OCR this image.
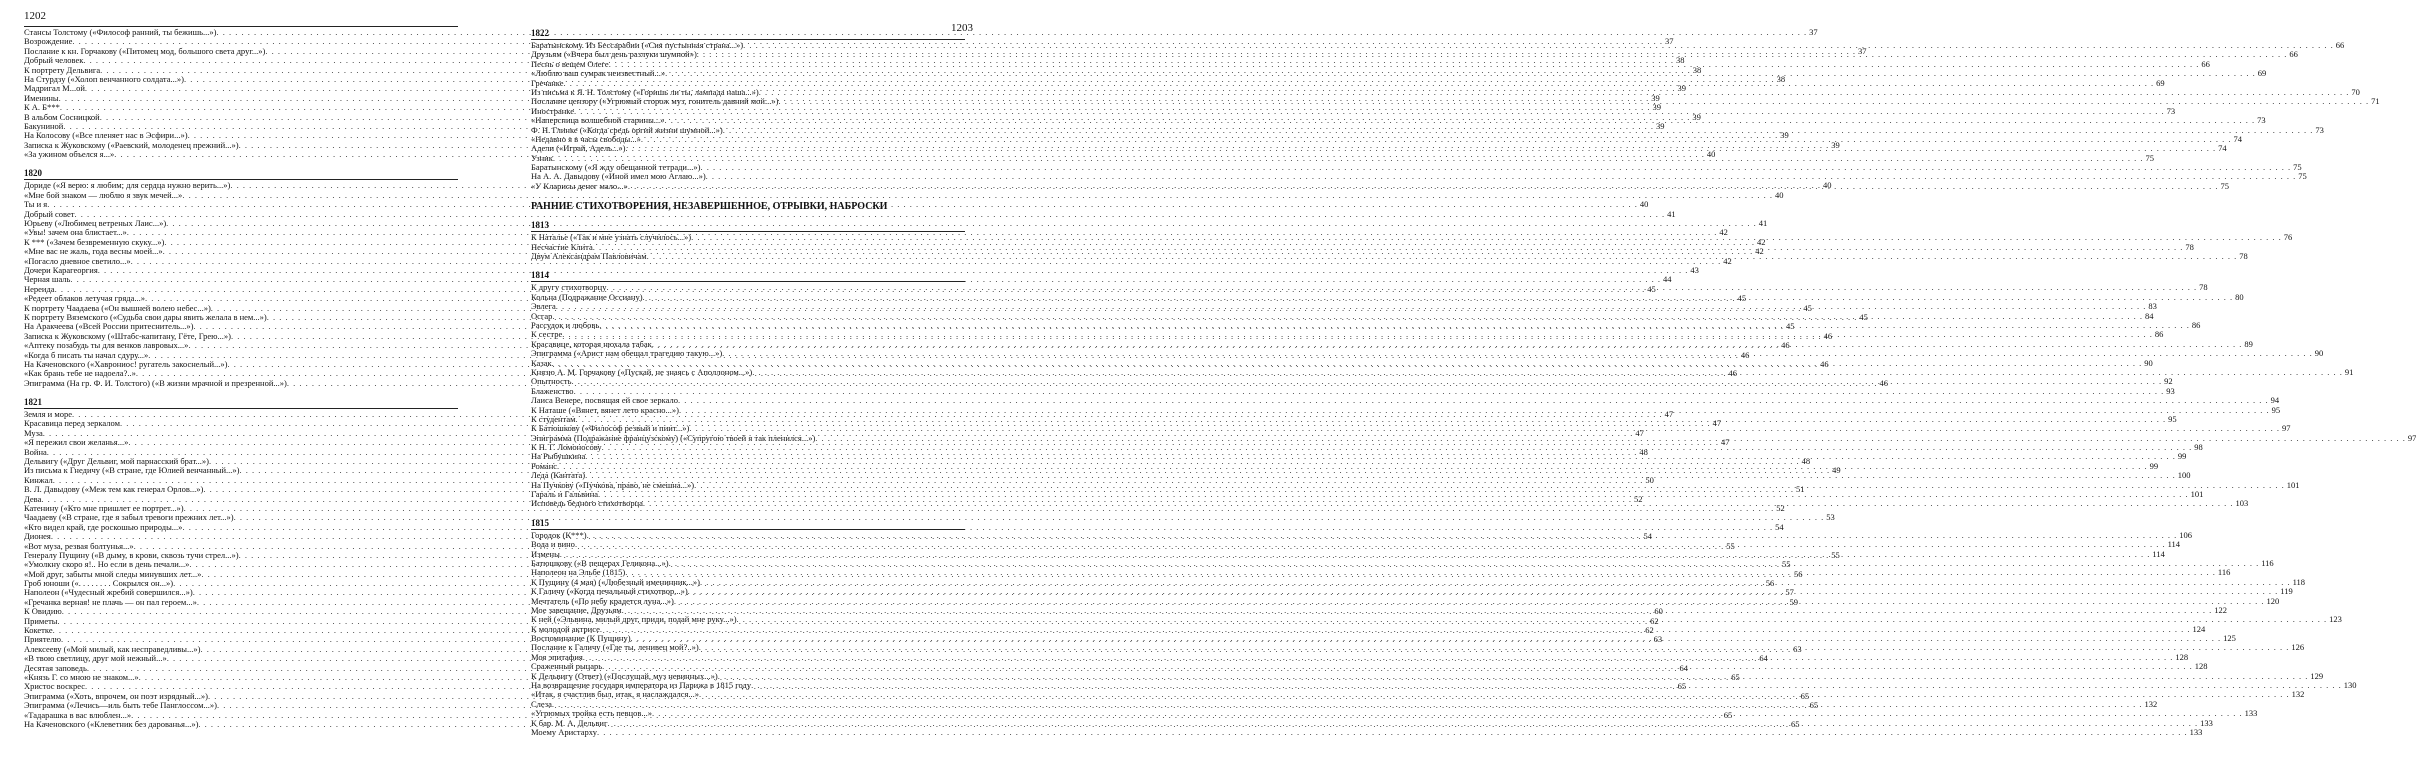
1202
1203
Стансы Толстому («Философ ранний, ты бежишь...») . . .	37
Возрождение . . .	37
Послание к кн. Горчакову («Питомец мод, большого света друг...») . . .	37
Добрый человек . . .	38
К портрету Дельвига . . .	38
На Стурдзу («Холоп венчанного солдата...») . . .	38
Мадригал М...ой . . .	39
Именины . . .	39
К А. Б*** . . .	39
В альбом Сосницкой . . .	39
Бакуниной . . .	39
На Колосову («Все пленяет нас в Эсфири...») . . .	39
Записка к Жуковскому («Раевский, молоденец прежний...») . . .	39
«За ужином объелся я...» . . .	40
1820
Дориде («Я верю: я любим; для сердца нужно верить...») . . .	40
«Мне бой знаком — люблю я звук мечей...» . . .	40
Ты и я . . .	40
Добрый совет . . .	41
Юрьеву («Любимец ветреных Лаис...») . . .	41
«Увы! зачем она блистает...» . . .	42
К *** («Зачем безвременную скуку...») . . .	42
«Мне вас не жаль, года весны моей...» . . .	42
«Погасло дневное светило...» . . .	42
Дочери Карагеоргия . . .	43
Черная шаль . . .	44
Нереида . . .	45
«Редеет облаков летучая гряда...» . . .	45
К портрету Чаадаева («Он вышней волею небес...») . . .	45
К портрету Вяземского («Судьба свои дары явить желала в нем...») . . .	45
На Аракчеева («Всей России притеснитель...») . . .	45
Записка к Жуковскому («Штабс-капитану, Гёте, Грею...») . . .	46
«Аптеку позабудь ты для венков лавровых...» . . .	46
«Когда б писать ты начал сдуру...» . . .	46
На Каченовского («Хаврониос! ругатель закоснелый...») . . .	46
«Как брань тебе не надоела?..» . . .	46
Эпиграмма (На гр. Ф. И. Толстого) («В жизни мрачной и презренной...») . . .	46
1821
Земля и море . . .	47
Красавица перед зеркалом . . .	47
Муза . . .	47
«Я пережил свои желанья...» . . .	47
Война . . .	48
Дельвигу («Друг Дельвиг, мой парнасский брат...») . . .	48
Из письма к Гнедичу («В стране, где Юлией венчанный...») . . .	49
Кинжал . . .	50
В. Л. Давыдову («Меж тем как генерал Орлов...») . . .	51
Дева . . .	52
Катенину («Кто мне пришлет ее портрет...») . . .	52
Чаадаеву («В стране, где я забыл тревоги прежних лет...») . . .	53
«Кто видел край, где роскошью природы...» . . .	54
Дионея . . .	54
«Вот муза, резвая болтунья...» . . .	55
Генералу Пущину («В дыму, в крови, сквозь тучи стрел...») . . .	55
«Умолкну скоро я!.. Но если в день печали...» . . .	55
«Мой друг, забыты мной следы минувших лет...» . . .	56
Гроб юноши («. . . . . . . . Сокрылся он...») . . .	56
Наполеон («Чудесный жребий совершился...») . . .	57
«Гречанка верная! не плачь — он пал героем...» . . .	59
К Овидию . . .	60
Приметы . . .	62
Кокетке . . .	62
Приятелю . . .	63
Алексееву («Мой милый, как несправедливы...») . . .	63
«В твою светлицу, друг мой нежный...» . . .	64
Десятая заповедь . . .	64
«Князь Г. со мною не знаком...» . . .	65
Христос воскрес . . .	65
Эпиграмма («Хоть, впрочем, он поэт изрядный...») . . .	65
Эпиграмма («Лечись—иль быть тебе Панглоссом...») . . .	65
«Тадарашка в вас влюблен...» . . .	65
На Каченовского («Клеветник без дарованья...») . . .	65
1822
Баратынскому. Из Бессарабии («Сия пустынная страна...») . . .	66
Друзьям («Вчера был день разлуки шумной») . . .	66
Песнь о вещем Олеге . . .	66
«Люблю ваш сумрак неизвестный...» . . .	69
Гречанке . . .	69
Из письма к Я. Н. Толстому («Горишь ли ты, лампада наша...») . . .	70
Послание цензору («Угрюмый сторож муз, гонитель давний мой...») . . .	71
Иностранке . . .	73
«Наперсница волшебной старины...» . . .	73
Ф. Н. Глинке («Когда средь оргий жизни шумной...») . . .	73
«Недавно я в часы свободы...» . . .	74
Адели («Играй, Адель...») . . .	74
Узник . . .	75
Баратынскому («Я жду обещанной тетради...») . . .	75
На А. А. Давыдову («Иной имел мою Аглаю...») . . .	75
«У Кларисы денег мало...» . . .	75
РАННИЕ СТИХОТВОРЕНИЯ, НЕЗАВЕРШЕННОЕ, ОТРЫВКИ, НАБРОСКИ
1813
К Наталье («Так и мне узнать случилось...») . . .	76
Несчастие Клита . . .	78
Двум Александрам Павловичам . . .	78
1814
К другу стихотворцу . . .	78
Кольна (Подражание Оссиану) . . .	80
Эвлега . . .	83
Осгар . . .	84
Рассудок и любовь . . .	86
К сестре . . .	86
Красавице, которая нюхала табак . . .	89
Эпиграмма («Арист нам обещал трагедию такую...») . . .	90
Казак . . .	90
Князю А. М. Горчакову («Пускай, не знаясь с Аполлоном...») . . .	91
Опытность . . .	92
Блаженство . . .	93
Лаиса Венере, посвящая ей свое зеркало . . .	94
К Наташе («Вянет, вянет лето красно...») . . .	95
К студентам . . .	95
К Батюшкову («Философ резвый и пиит...») . . .	97
Эпиграмма (Подражание французскому) («Супругою твоей я так пленился...») . . .	97
К Н. Г. Ломоносову . . .	98
На Рыбушкина . . .	99
Романс . . .	99
Леда (Кантата) . . .	100
На Пучкову («Пучкова, право, не смешна...») . . .	101
Гараль и Гальвина . . .	101
Исповедь бедного стихотворца . . .	103
1815
Городок (К***) . . .	106
Вода и вино . . .	114
Измены . . .	114
Батюшкову («В пещерах Геликона...») . . .	116
Наполеон на Эльбе (1815) . . .	116
К Пущину (4 мая) («Любезный именинник...») . . .	118
К Галичу («Когда печальный стихотвор...») . . .	119
Мечтатель («По небу крадется луна...») . . .	120
Мое завещание. Друзьям . . .	122
К ней («Эльвина, милый друг, приди, подай мне руку...») . . .	123
К молодой актрисе . . .	124
Воспоминание (К Пущину) . . .	125
Послание к Галичу («Где ты, ленивец мой?..») . . .	126
Моя эпитафия . . .	128
Сраженный рыцарь . . .	128
К Дельвигу (Ответ) («Послушай, муз невинных...») . . .	129
На возвращение государя императора из Парижа в 1815 году . . .	130
«Итак, я счастлив был, итак, я наслаждался...» . . .	132
Слеза . . .	132
«Угрюмых тройка есть певцов...» . . .	133
К бар. М. А. Дельвиг . . .	133
Моему Аристарху . . .	133
